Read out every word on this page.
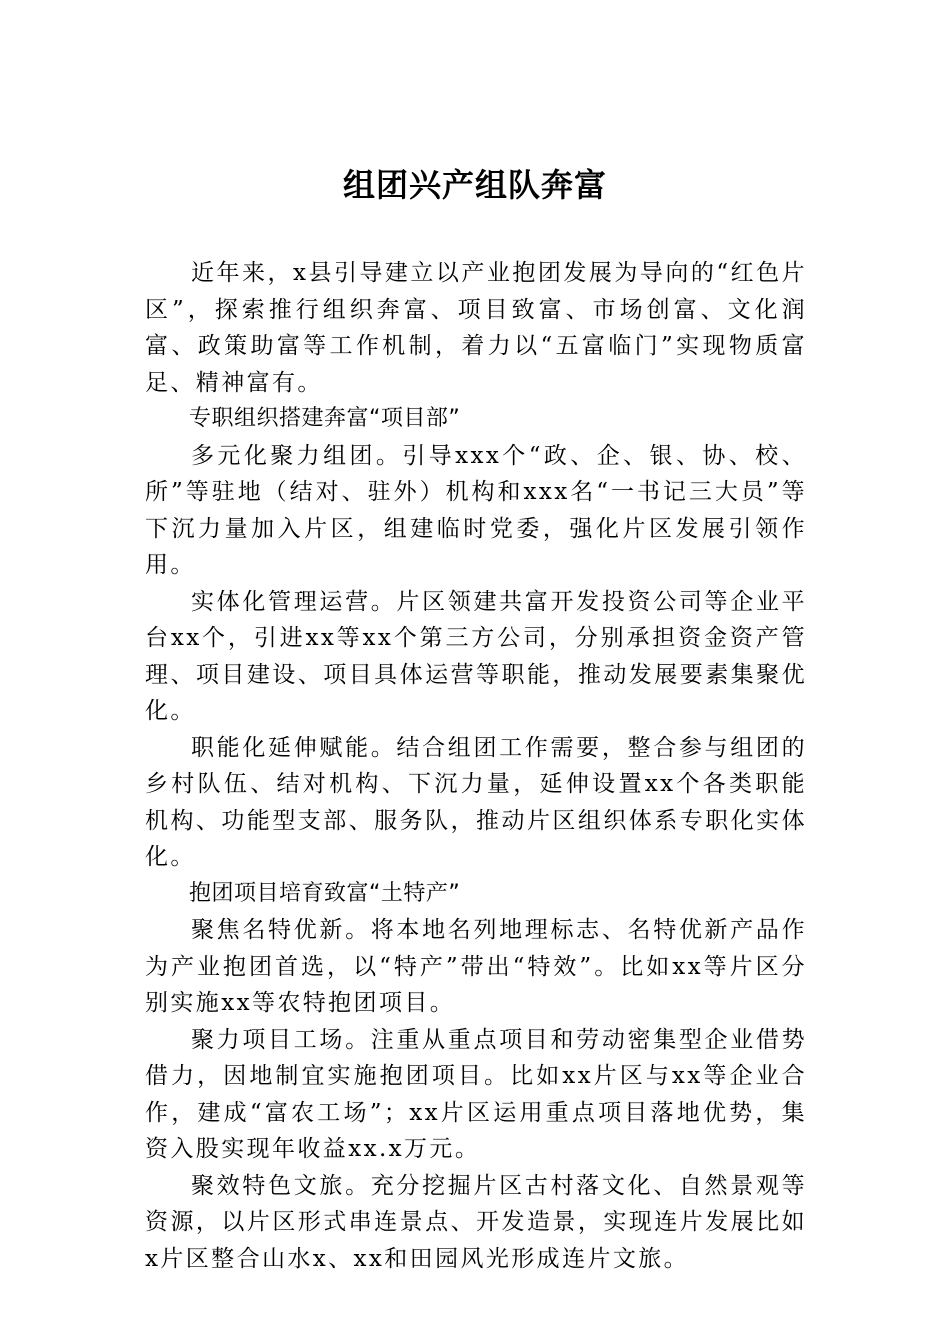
组团兴产组队奔富

近年来，x县引导建立以产业抱团发展为导向的“红色片区”，探索推行组织奔富、项目致富、市场创富、文化润富、政策助富等工作机制，着力以“五富临门”实现物质富足、精神富有。

专职组织搭建奔富“项目部”

多元化聚力组团。引导xxx个“政、企、银、协、校、所”等驻地（结对、驻外）机构和xxx名“一书记三大员”等下沉力量加入片区，组建临时党委，强化片区发展引领作用。

实体化管理运营。片区领建共富开发投资公司等企业平台xx个，引进xx等xx个第三方公司，分别承担资金资产管理、项目建设、项目具体运营等职能，推动发展要素集聚优化。

职能化延伸赋能。结合组团工作需要，整合参与组团的乡村队伍、结对机构、下沉力量，延伸设置xx个各类职能机构、功能型支部、服务队，推动片区组织体系专职化实体化。

抱团项目培育致富“土特产”

聚焦名特优新。将本地名列地理标志、名特优新产品作为产业抱团首选，以“特产”带出“特效”。比如xx等片区分别实施xx等农特抱团项目。

聚力项目工场。注重从重点项目和劳动密集型企业借势借力，因地制宜实施抱团项目。比如xx片区与xx等企业合作，建成“富农工场”；xx片区运用重点项目落地优势，集资入股实现年收益xx.x万元。

聚效特色文旅。充分挖掘片区古村落文化、自然景观等资源，以片区形式串连景点、开发造景，实现连片发展比如x片区整合山水x、xx和田园风光形成连片文旅。
